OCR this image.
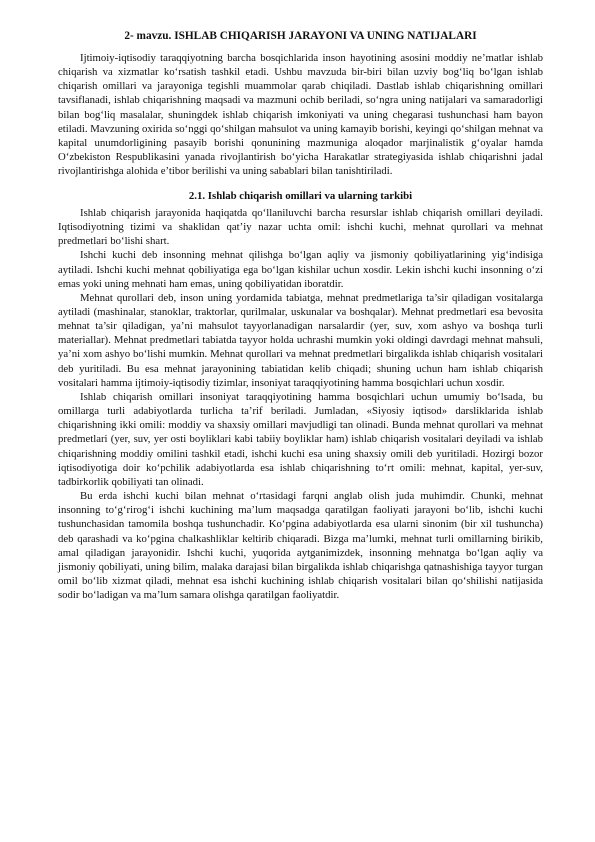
2- mavzu. ISHLAB CHIQARISH JARAYONI VA UNING NATIJALARI

Ijtimoiy-iqtisodiy taraqqiyotning barcha bosqichlarida inson hayotining asosini moddiy ne’matlar ishlab chiqarish va xizmatlar ko‘rsatish tashkil etadi. Ushbu mavzuda bir-biri bilan uzviy bog‘liq bo‘lgan ishlab chiqarish omillari va jarayoniga tegishli muammolar qarab chiqiladi. Dastlab ishlab chiqarishning omillari tavsiflanadi, ishlab chiqarishning maqsadi va mazmuni ochib beriladi, so‘ngra uning natijalari va samaradorligi bilan bog‘liq masalalar, shuningdek ishlab chiqarish imkoniyati va uning chegarasi tushunchasi ham bayon etiladi. Mavzuning oxirida so‘nggi qo‘shilgan mahsulot va uning kamayib borishi, keyingi qo‘shilgan mehnat va kapital unumdorligining pasayib borishi qonunining mazmuniga aloqador marjinalistik g‘oyalar hamda O‘zbekiston Respublikasini yanada rivojlantirish bo‘yicha Harakatlar strategiyasida ishlab chiqarishni jadal rivojlantirishga alohida e’tibor berilishi va uning sabablari bilan tanishtiriladi.

2.1. Ishlab chiqarish omillari va ularning tarkibi

Ishlab chiqarish jarayonida haqiqatda qo‘llaniluvchi barcha resurslar ishlab chiqarish omillari deyiladi. Iqtisodiyotning tizimi va shaklidan qat’iy nazar uchta omil: ishchi kuchi, mehnat qurollari va mehnat predmetlari bo‘lishi shart.

Ishchi kuchi deb insonning mehnat qilishga bo‘lgan aqliy va jismoniy qobiliyatlarining yig‘indisiga aytiladi. Ishchi kuchi mehnat qobiliyatiga ega bo‘lgan kishilar uchun xosdir. Lekin ishchi kuchi insonning o‘zi emas yoki uning mehnati ham emas, uning qobiliyatidan iboratdir.

Mehnat qurollari deb, inson uning yordamida tabiatga, mehnat predmetlariga ta’sir qiladigan vositalarga aytiladi (mashinalar, stanoklar, traktorlar, qurilmalar, uskunalar va boshqalar). Mehnat predmetlari esa bevosita mehnat ta’sir qiladigan, ya’ni mahsulot tayyorlanadigan narsalardir (yer, suv, xom ashyo va boshqa turli materiallar). Mehnat predmetlari tabiatda tayyor holda uchrashi mumkin yoki oldingi davrdagi mehnat mahsuli, ya’ni xom ashyo bo‘lishi mumkin. Mehnat qurollari va mehnat predmetlari birgalikda ishlab chiqarish vositalari deb yuritiladi. Bu esa mehnat jarayonining tabiatidan kelib chiqadi; shuning uchun ham ishlab chiqarish vositalari hamma ijtimoiy-iqtisodiy tizimlar, insoniyat taraqqiyotining hamma bosqichlari uchun xosdir.

Ishlab chiqarish omillari insoniyat taraqqiyotining hamma bosqichlari uchun umumiy bo‘lsada, bu omillarga turli adabiyotlarda turlicha ta’rif beriladi. Jumladan, «Siyosiy iqtisod» darsliklarida ishlab chiqarishning ikki omili: moddiy va shaxsiy omillari mavjudligi tan olinadi. Bunda mehnat qurollari va mehnat predmetlari (yer, suv, yer osti boyliklari kabi tabiiy boyliklar ham) ishlab chiqarish vositalari deyiladi va ishlab chiqarishning moddiy omilini tashkil etadi, ishchi kuchi esa uning shaxsiy omili deb yuritiladi. Hozirgi bozor iqtisodiyotiga doir ko‘pchilik adabiyotlarda esa ishlab chiqarishning to‘rt omili: mehnat, kapital, yer-suv, tadbirkorlik qobiliyati tan olinadi.

Bu erda ishchi kuchi bilan mehnat o‘rtasidagi farqni anglab olish juda muhimdir. Chunki, mehnat insonning to‘g‘rirog‘i ishchi kuchining ma’lum maqsadga qaratilgan faoliyati jarayoni bo‘lib, ishchi kuchi tushunchasidan tamomila boshqa tushunchadir. Ko‘pgina adabiyotlarda esa ularni sinonim (bir xil tushuncha) deb qarashadi va ko‘pgina chalkashliklar keltirib chiqaradi. Bizga ma’lumki, mehnat turli omillarning birikib, amal qiladigan jarayonidir. Ishchi kuchi, yuqorida aytganimizdek, insonning mehnatga bo‘lgan aqliy va jismoniy qobiliyati, uning bilim, malaka darajasi bilan birgalikda ishlab chiqarishga qatnashishiga tayyor turgan omil bo‘lib xizmat qiladi, mehnat esa ishchi kuchining ishlab chiqarish vositalari bilan qo‘shilishi natijasida sodir bo‘ladigan va ma’lum samara olishga qaratilgan faoliyatdir.
